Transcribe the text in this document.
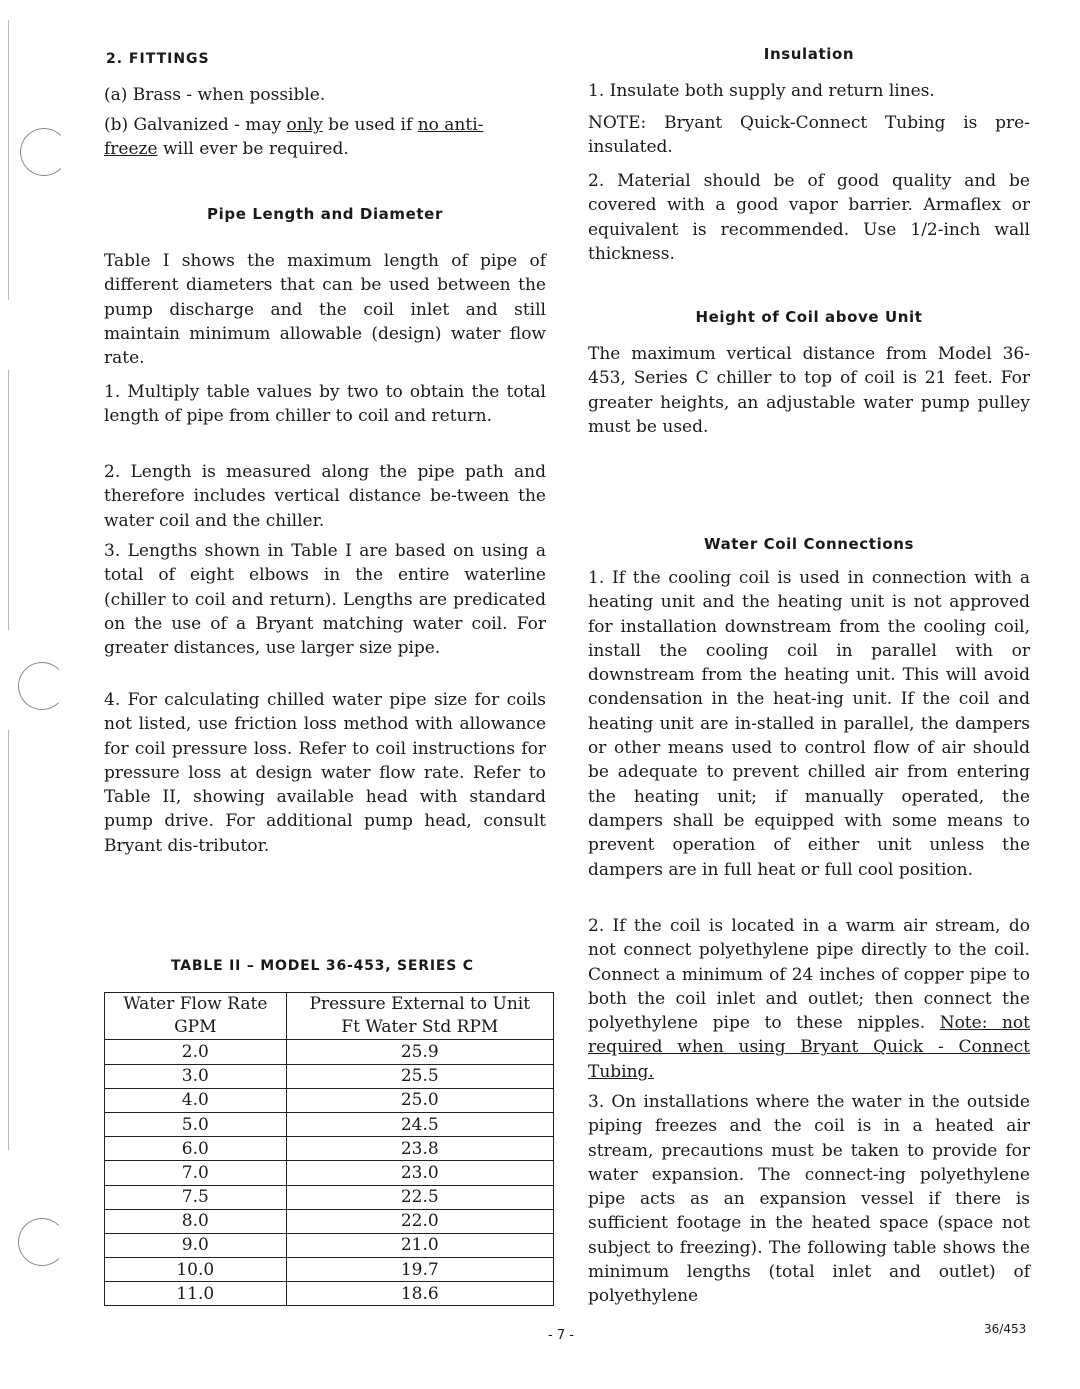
2. FITTINGS

(a) Brass - when possible.

(b) Galvanized - may only be used if no anti-
freeze will ever be required.

Pipe Length and Diameter

Table I shows the maximum length of pipe of different diameters that can be used between the pump discharge and the coil inlet and still maintain minimum allowable (design) water flow rate.

1. Multiply table values by two to obtain the total length of pipe from chiller to coil and return.

2. Length is measured along the pipe path and therefore includes vertical distance be-tween the water coil and the chiller.

3. Lengths shown in Table I are based on using a total of eight elbows in the entire waterline (chiller to coil and return). Lengths are predicated on the use of a Bryant matching water coil. For greater distances, use larger size pipe.

4. For calculating chilled water pipe size for coils not listed, use friction loss method with allowance for coil pressure loss. Refer to coil instructions for pressure loss at design water flow rate. Refer to Table II, showing available head with standard pump drive. For additional pump head, consult Bryant dis-tributor.

TABLE II – MODEL 36-453, SERIES C
Water Flow Rate	Pressure External to Unit
GPM	Ft Water Std RPM
2.0	25.9
3.0	25.5
4.0	25.0
5.0	24.5
6.0	23.8
7.0	23.0
7.5	22.5
8.0	22.0
9.0	21.0
10.0	19.7
11.0	18.6
Insulation

1. Insulate both supply and return lines.

NOTE: Bryant Quick-Connect Tubing is pre-insulated.

2. Material should be of good quality and be covered with a good vapor barrier. Armaflex or equivalent is recommended. Use 1/2-inch wall thickness.

Height of Coil above Unit

The maximum vertical distance from Model 36-453, Series C chiller to top of coil is 21 feet. For greater heights, an adjustable water pump pulley must be used.

Water Coil Connections

1. If the cooling coil is used in connection with a heating unit and the heating unit is not approved for installation downstream from the cooling coil, install the cooling coil in parallel with or downstream from the heating unit. This will avoid condensation in the heat-ing unit. If the coil and heating unit are in-stalled in parallel, the dampers or other means used to control flow of air should be adequate to prevent chilled air from entering the heating unit; if manually operated, the dampers shall be equipped with some means to prevent operation of either unit unless the dampers are in full heat or full cool position.

2. If the coil is located in a warm air stream, do not connect polyethylene pipe directly to the coil. Connect a minimum of 24 inches of copper pipe to both the coil inlet and outlet; then connect the polyethylene pipe to these nipples. Note: not required when using Bryant Quick - Connect Tubing.

3. On installations where the water in the outside piping freezes and the coil is in a heated air stream, precautions must be taken to provide for water expansion. The connect-ing polyethylene pipe acts as an expansion vessel if there is sufficient footage in the heated space (space not subject to freezing). The following table shows the minimum lengths (total inlet and outlet) of polyethylene

- 7 -	36/453
